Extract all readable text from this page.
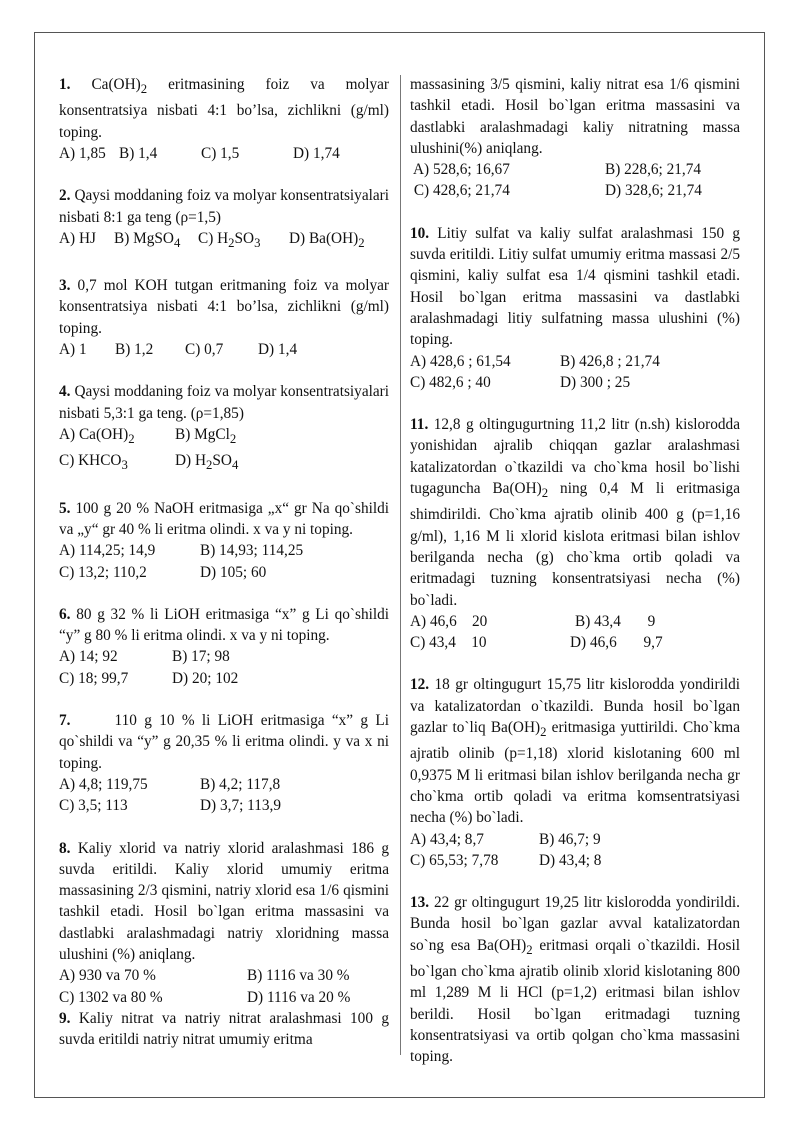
1. $Ca(OH)_2$ eritmasining foiz va molyar konsentratsiya nisbati 4:1 bo’lsa, zichlikni (g/ml) toping.

A) 1,85 B) 1,4	C) 1,5	D) 1,74

2. Qaysi moddaning foiz va molyar konsentratsiyalari nisbati 8:1 ga teng (ρ=1,5)

A) HJ	B) MgSO$_4$	C) $H_2SO_3$	D) $Ba(OH)_2$

3. 0,7 mol KOH tutgan eritmaning foiz va molyar konsentratsiya nisbati 4:1 bo’lsa, zichlikni (g/ml) toping.

A) 1	B) 1,2	C) 0,7	D) 1,4

4. Qaysi moddaning foiz va molyar konsentratsiyalari nisbati 5,3:1 ga teng. (ρ=1,85)

A) $Ca(OH)_2$	B) MgCl$_2$
C) $KHCO_3$	D) $H_2SO_4$

5. 100 g 20 % NaOH eritmasiga „x“ gr Na qo`shildi va „y“ gr 40 % li eritma olindi. x va y ni toping.

A) 114,25; 14,9	B) 14,93; 114,25
C) 13,2; 110,2	D) 105; 60

6. 80 g 32 % li LiOH eritmasiga “x” g Li qo`shildi “y” g 80 % li eritma olindi. x va y ni toping.

A) 14; 92	B) 17; 98
C) 18; 99,7	D) 20; 102

7.      110 g 10 % li LiOH eritmasiga “x” g Li qo`shildi va “y” g 20,35 % li eritma olindi. y va x ni toping.

A) 4,8; 119,75	B) 4,2; 117,8
C) 3,5; 113	D) 3,7; 113,9

8. Kaliy xlorid va natriy xlorid aralashmasi 186 g suvda eritildi. Kaliy xlorid umumiy eritma massasining 2/3 qismini, natriy xlorid esa 1/6 qismini tashkil etadi. Hosil bo`lgan eritma massasini va dastlabki aralashmadagi natriy xloridning massa ulushini (%) aniqlang.

A) 930 va 70 %	B) 1116 va 30 %
C) 1302 va 80 %	D) 1116 va 20 %

9. Kaliy nitrat va natriy nitrat aralashmasi 100 g suvda eritildi natriy nitrat umumiy eritma

massasining 3/5 qismini, kaliy nitrat esa 1/6 qismini tashkil etadi. Hosil bo`lgan eritma massasini va dastlabki aralashmadagi kaliy nitratning massa ulushini(%) aniqlang.

A) 528,6; 16,67	B) 228,6; 21,74
C) 428,6; 21,74	D) 328,6; 21,74

10. Litiy sulfat va kaliy sulfat aralashmasi 150 g suvda eritildi. Litiy sulfat umumiy eritma massasi 2/5 qismini, kaliy sulfat esa 1/4 qismini tashkil etadi. Hosil bo`lgan eritma massasini va dastlabki aralashmadagi litiy sulfatning massa ulushini (%) toping.

A) 428,6 ; 61,54	B) 426,8 ; 21,74
C) 482,6 ; 40	D) 300 ; 25

11. 12,8 g oltingugurtning 11,2 litr (n.sh) kislorodda yonishidan ajralib chiqqan gazlar aralashmasi katalizatordan o`tkazildi va cho`kma hosil bo`lishi tugaguncha $Ba(OH)_2$ ning 0,4 M li eritmasiga shimdirildi. Cho`kma ajratib olinib 400 g (p=1,16 g/ml), 1,16 M li xlorid kislota eritmasi bilan ishlov berilganda necha (g) cho`kma ortib qoladi va eritmadagi tuzning konsentratsiyasi necha (%) bo`ladi.

A) 46,6    20	B) 43,4       9
C) 43,4    10	D) 46,6       9,7

12. 18 gr oltingugurt 15,75 litr kislorodda yondirildi va katalizatordan o`tkazildi. Bunda hosil bo`lgan gazlar to`liq $Ba(OH)_2$ eritmasiga yuttirildi. Cho`kma ajratib olinib (p=1,18) xlorid kislotaning 600 ml 0,9375 M li eritmasi bilan ishlov berilganda necha gr cho`kma ortib qoladi va eritma komsentratsiyasi necha (%) bo`ladi.

A) 43,4; 8,7	B) 46,7; 9
C) 65,53; 7,78	D) 43,4; 8

13. 22 gr oltingugurt 19,25 litr kislorodda yondirildi. Bunda hosil bo`lgan gazlar avval katalizatordan so`ng esa $Ba(OH)_2$ eritmasi orqali o`tkazildi. Hosil bo`lgan cho`kma ajratib olinib xlorid kislotaning 800 ml 1,289 M li HCl (p=1,2) eritmasi bilan ishlov berildi. Hosil bo`lgan eritmadagi tuzning konsentratsiyasi va ortib qolgan cho`kma massasini toping.
